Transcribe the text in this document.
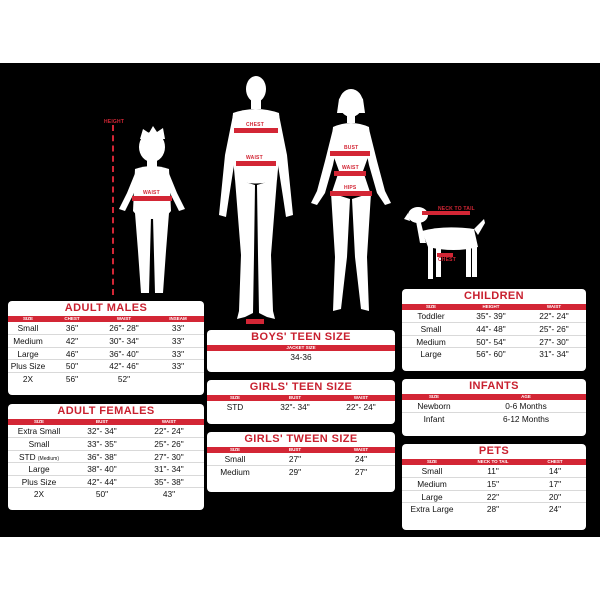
HEIGHT
WAIST
CHEST
WAIST
BUST
WAIST
HIPS
NECK TO TAIL
CHEST
ADULT MALES
SIZE	CHEST	WAIST	INSEAM
Small	36"	26"- 28"	33"
Medium	42"	30"- 34"	33"
Large	46"	36"- 40"	33"
Plus Size	50"	42"- 46"	33"
2X	56"	52"
ADULT FEMALES
SIZE	BUST	WAIST
Extra Small	32"- 34"	22"- 24"
Small	33"- 35"	25"- 26"
STD (Medium)	36"- 38"	27"- 30"
Large	38"- 40"	31"- 34"
Plus Size	42"- 44"	35"- 38"
2X	50"	43"
BOYS' TEEN SIZE
JACKET SIZE
34-36
GIRLS' TEEN SIZE
SIZE	BUST	WAIST
STD	32"- 34"	22"- 24"
GIRLS' TWEEN SIZE
SIZE	BUST	WAIST
Small	27"	24"
Medium	29"	27"
CHILDREN
SIZE	HEIGHT	WAIST
Toddler	35"- 39"	22"- 24"
Small	44"- 48"	25"- 26"
Medium	50"- 54"	27"- 30"
Large	56"- 60"	31"- 34"
INFANTS
SIZE	AGE
Newborn	0-6 Months
Infant	6-12 Months
PETS
SIZE	NECK TO TAIL	CHEST
Small	11"	14"
Medium	15"	17"
Large	22"	20"
Extra Large	28"	24"
